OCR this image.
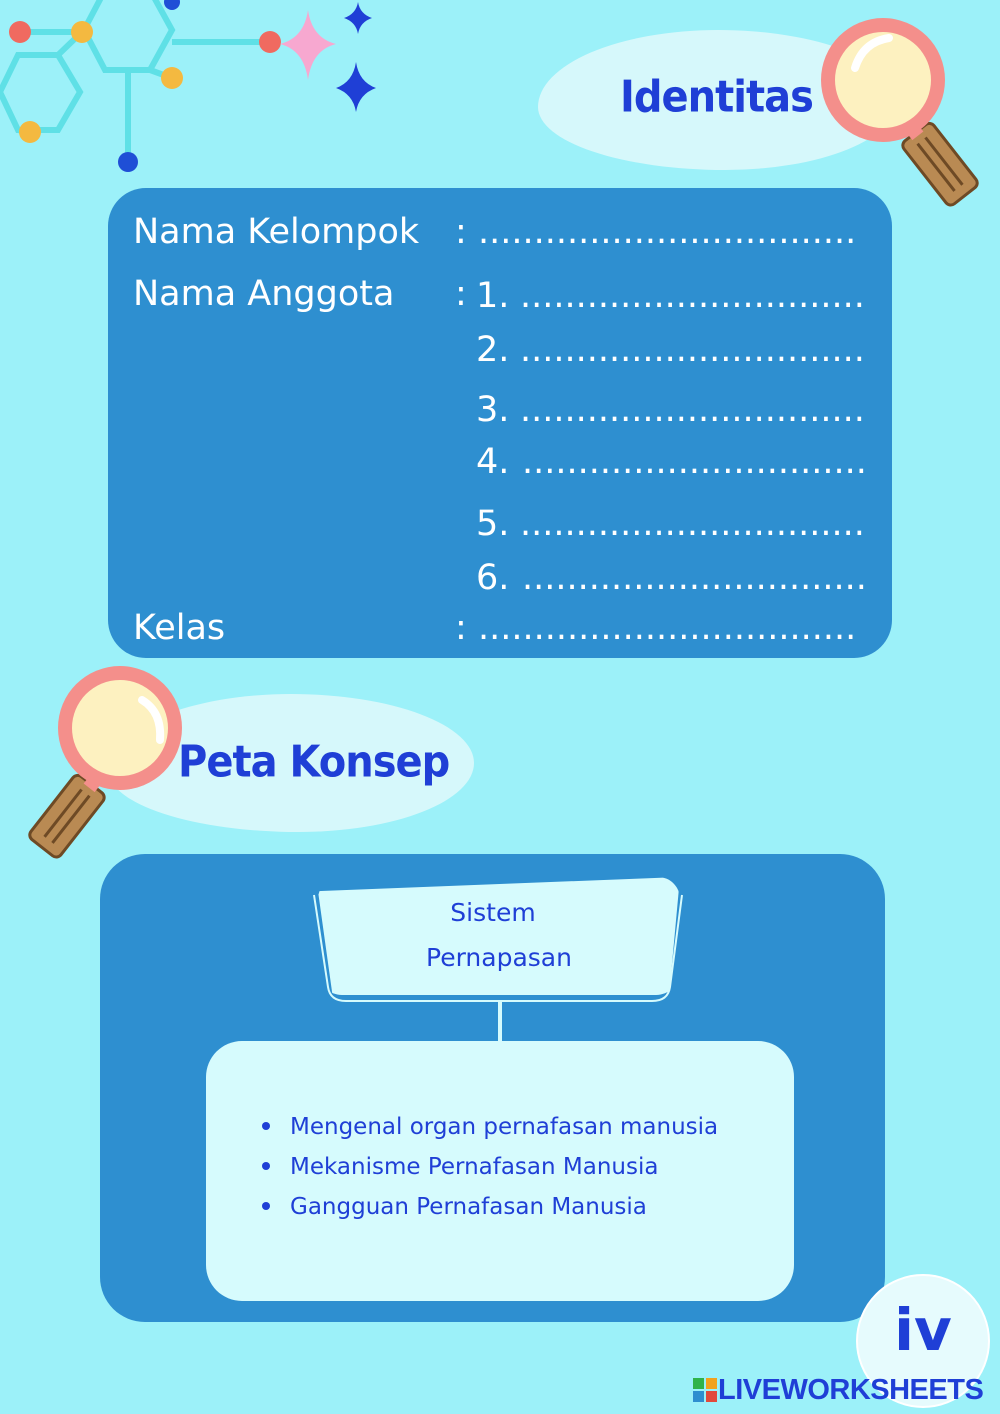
Identitas
Nama Kelompok : ..................................
Nama Anggota : 1. ...............................
2. ...............................
3. ...............................
4. ...............................
5. ...............................
6. ...............................
Kelas	: ..................................
Peta Konsep
Sistem
Pernapasan
Mengenal organ pernafasan manusia
Mekanisme Pernafasan Manusia
Gangguan Pernafasan Manusia
iv
LIVEWORKSHEETS
